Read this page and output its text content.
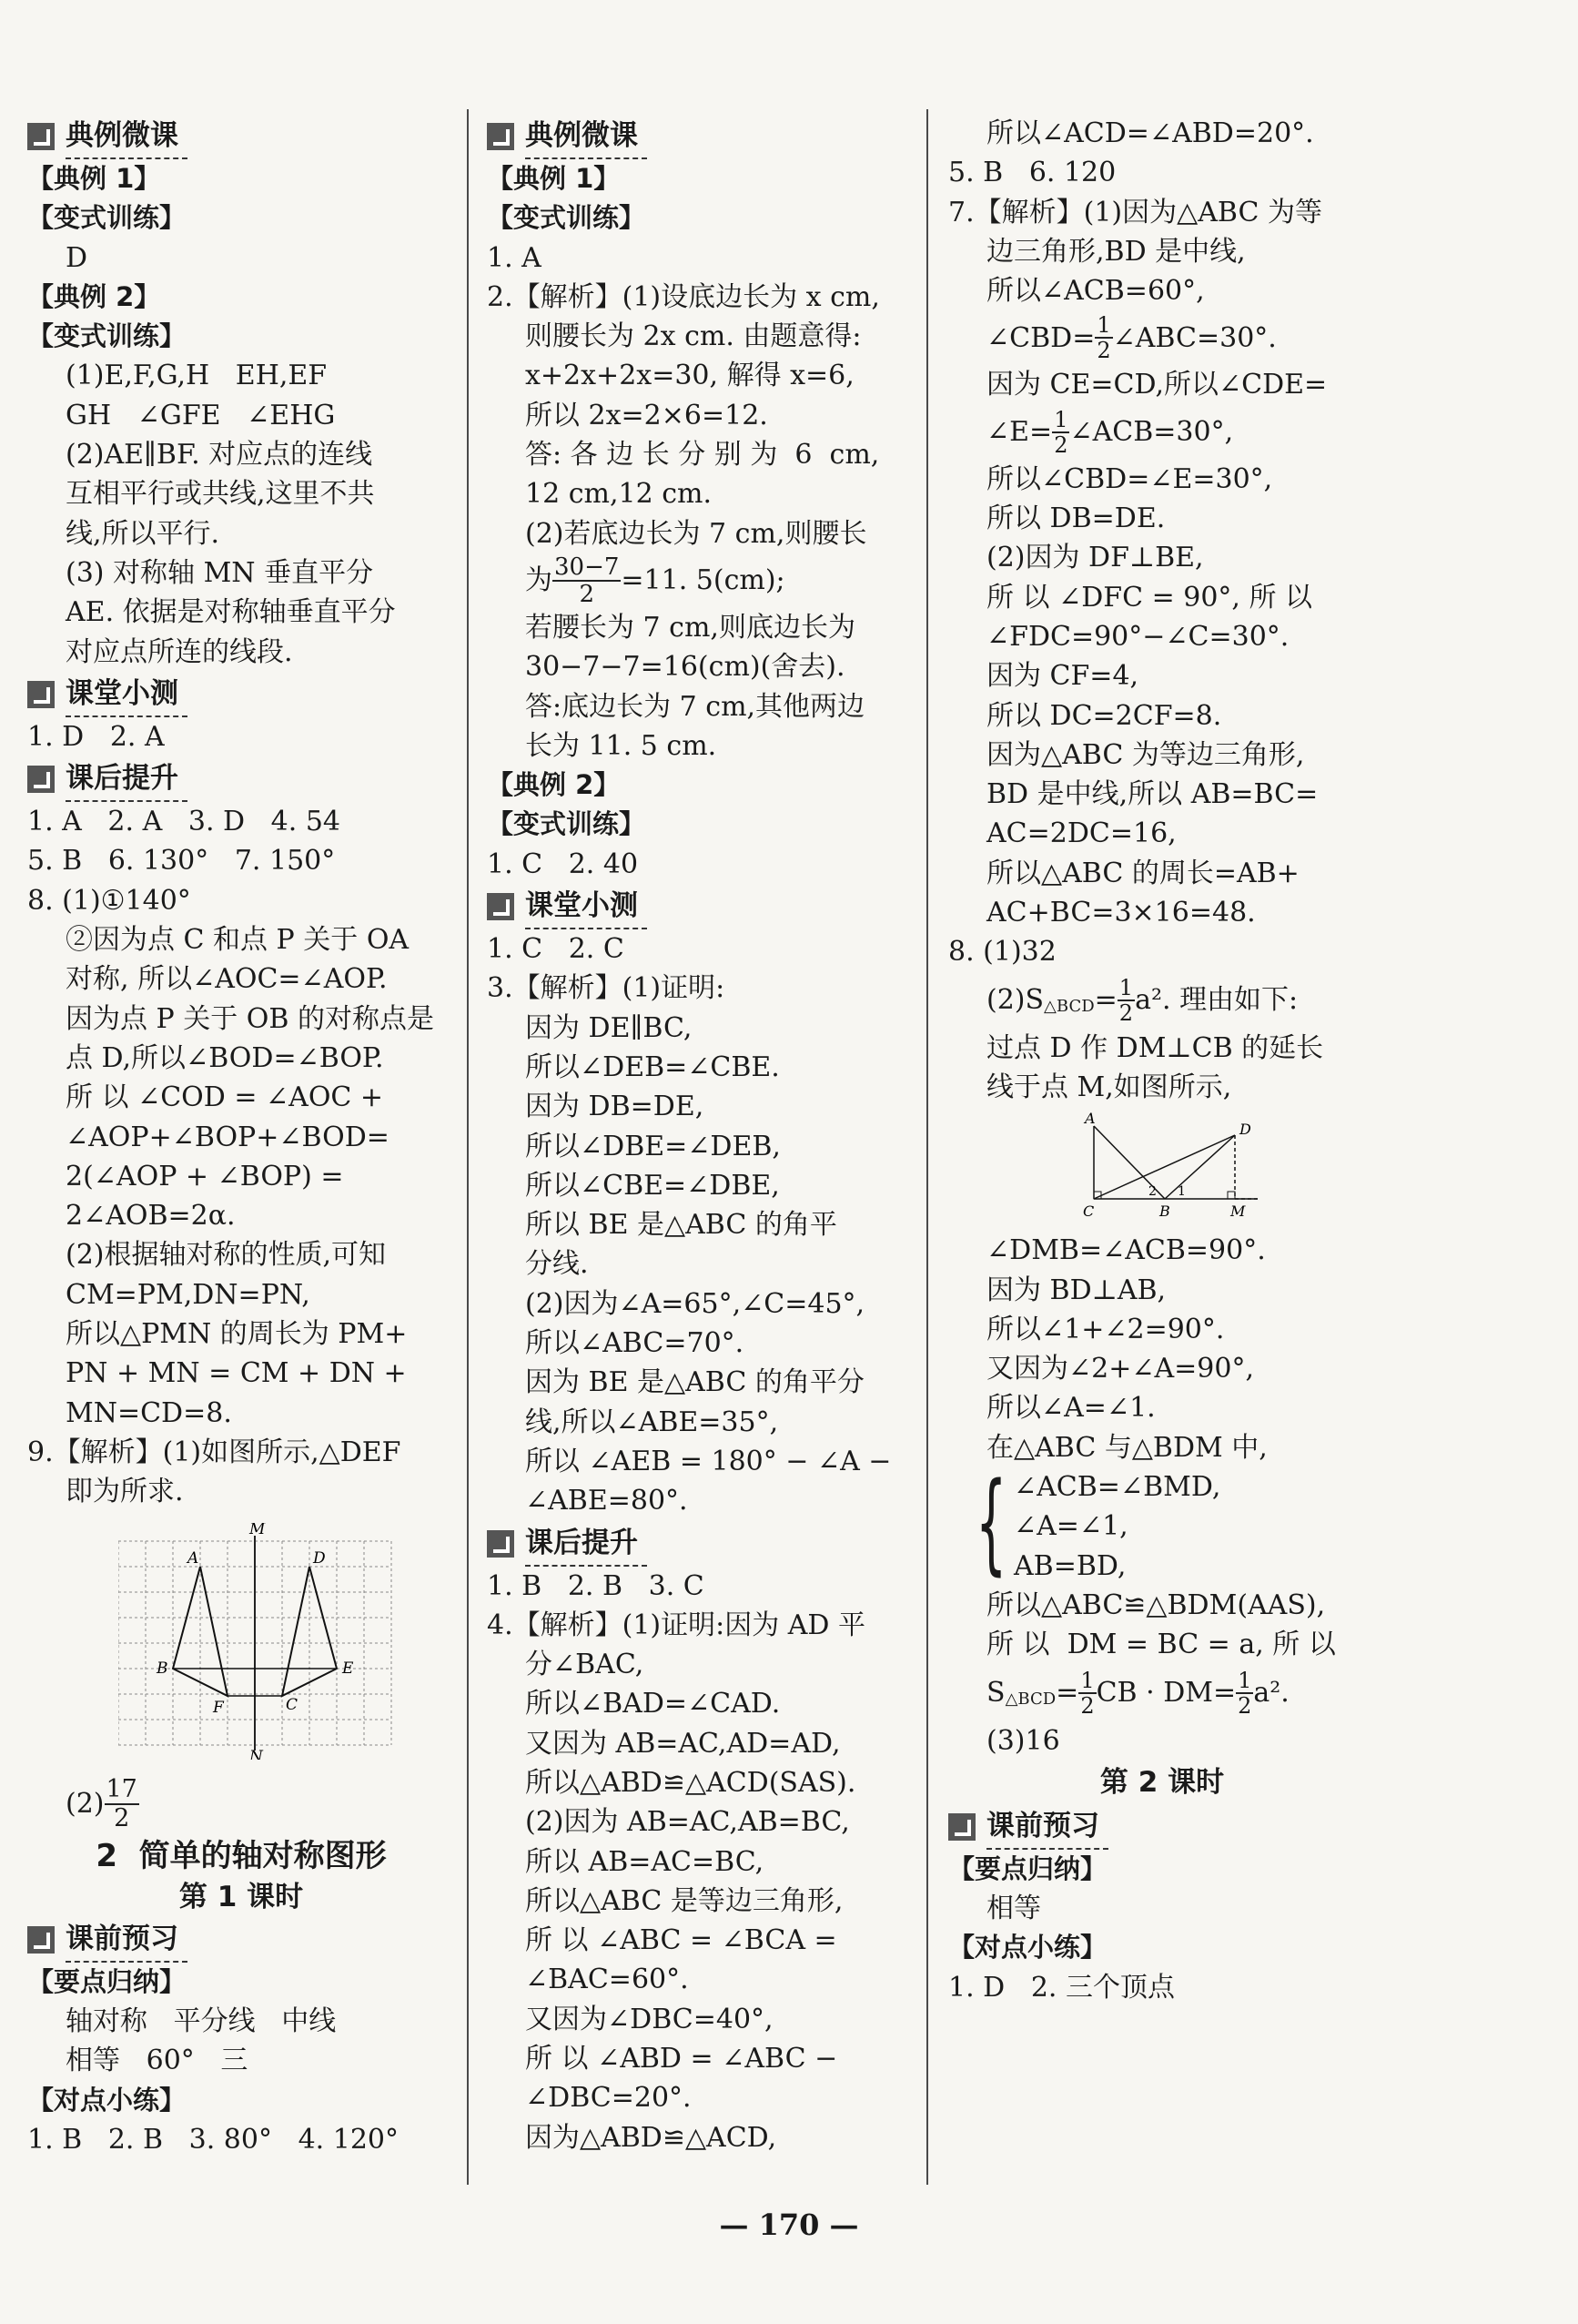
典例微课
【典例 1】
【变式训练】
D
【典例 2】
【变式训练】
(1)E,F,G,H   EH,EF
GH   ∠GFE   ∠EHG
(2)AE∥BF. 对应点的连线
互相平行或共线,这里不共
线,所以平行.
(3) 对称轴 MN 垂直平分
AE. 依据是对称轴垂直平分
对应点所连的线段.
课堂小测
1. D   2. A
课后提升
1. A   2. A   3. D   4. 54
5. B   6. 130°   7. 150°
8. (1)①140°
②因为点 C 和点 P 关于 OA
对称, 所以∠AOC=∠AOP.
因为点 P 关于 OB 的对称点是
点 D,所以∠BOD=∠BOP.
所 以 ∠COD = ∠AOC +
∠AOP+∠BOP+∠BOD=
2(∠AOP + ∠BOP) =
2∠AOB=2α.
(2)根据轴对称的性质,可知
CM=PM,DN=PN,
所以△PMN 的周长为 PM+
PN + MN = CM + DN +
MN=CD=8.
9.【解析】(1)如图所示,△DEF
即为所求.
M
N
A	D
B	E
F	C
(2) 17
2
2  简单的轴对称图形
第 1 课时
课前预习
【要点归纳】
轴对称   平分线   中线
相等   60°   三
【对点小练】
1. B   2. B   3. 80°   4. 120°
典例微课
【典例 1】
【变式训练】
1. A
2.【解析】(1)设底边长为 x cm,
则腰长为 2x cm. 由题意得:
x+2x+2x=30, 解得 x=6,
所以 2x=2×6=12.
答: 各 边 长 分 别 为  6  cm,
12 cm,12 cm.
(2)若底边长为 7 cm,则腰长
为 $\frac{30-7}{2} =11$. 5(cm);
若腰长为 7 cm,则底边长为
30−7−7=16(cm)(舍去).
答:底边长为 7 cm,其他两边
长为 11. 5 cm.
【典例 2】
【变式训练】
1. C   2. 40
课堂小测
1. C   2. C
3.【解析】(1)证明:
因为 DE∥BC,
所以∠DEB=∠CBE.
因为 DB=DE,
所以∠DBE=∠DEB,
所以∠CBE=∠DBE,
所以 BE 是△ABC 的角平
分线.
(2)因为∠A=65°,∠C=45°,
所以∠ABC=70°.
因为 BE 是△ABC 的角平分
线,所以∠ABE=35°,
所以 ∠AEB = 180° − ∠A −
∠ABE=80°.
课后提升
1. B   2. B   3. C
4.【解析】(1)证明:因为 AD 平
分∠BAC,
所以∠BAD=∠CAD.
又因为 AB=AC,AD=AD,
所以△ABD≌△ACD(SAS).
(2)因为 AB=AC,AB=BC,
所以 AB=AC=BC,
所以△ABC 是等边三角形,
所 以 ∠ABC = ∠BCA =
∠BAC=60°.
又因为∠DBC=40°,
所 以 ∠ABD = ∠ABC −
∠DBC=20°.
因为△ABD≌△ACD,
所以∠ACD=∠ABD=20°.
5. B   6. 120
7.【解析】(1)因为△ABC 为等
边三角形,BD 是中线,
所以∠ACB=60°,
∠CBD= $\frac{1}{2}$ ∠ABC=30°.
因为 CE=CD,所以∠CDE=
∠E= $\frac{1}{2}$ ∠ACB=30°,
所以∠CBD=∠E=30°,
所以 DB=DE.
(2)因为 DF⊥BE,
所 以 ∠DFC = 90°, 所 以
∠FDC=90°−∠C=30°.
因为 CF=4,
所以 DC=2CF=8.
因为△ABC 为等边三角形,
BD 是中线,所以 AB=BC=
AC=2DC=16,
所以△ABC 的周长=AB+
AC+BC=3×16=48.
8. (1)32
(2)S △BCD = $\frac{1}{2} a^2$. 理由如下:
过点 D 作 DM⊥CB 的延长
线于点 M,如图所示,
A
D
C	B	M
1
2
∠DMB=∠ACB=90°.
因为 BD⊥AB,
所以∠1+∠2=90°.
又因为∠2+∠A=90°,
所以∠A=∠1.
在△ABC 与△BDM 中,
{ ∠ACB=∠BMD,
∠A=∠1,
AB=BD,
所以△ABC≌△BDM(AAS),
所 以  DM = BC = a, 所 以
S △BCD = $\frac{1}{2}$ CB · $DM= \frac{1}{2} a^2$.
(3)16
第 2 课时
课前预习
【要点归纳】
相等
【对点小练】
1. D   2. 三个顶点
— 170 —
